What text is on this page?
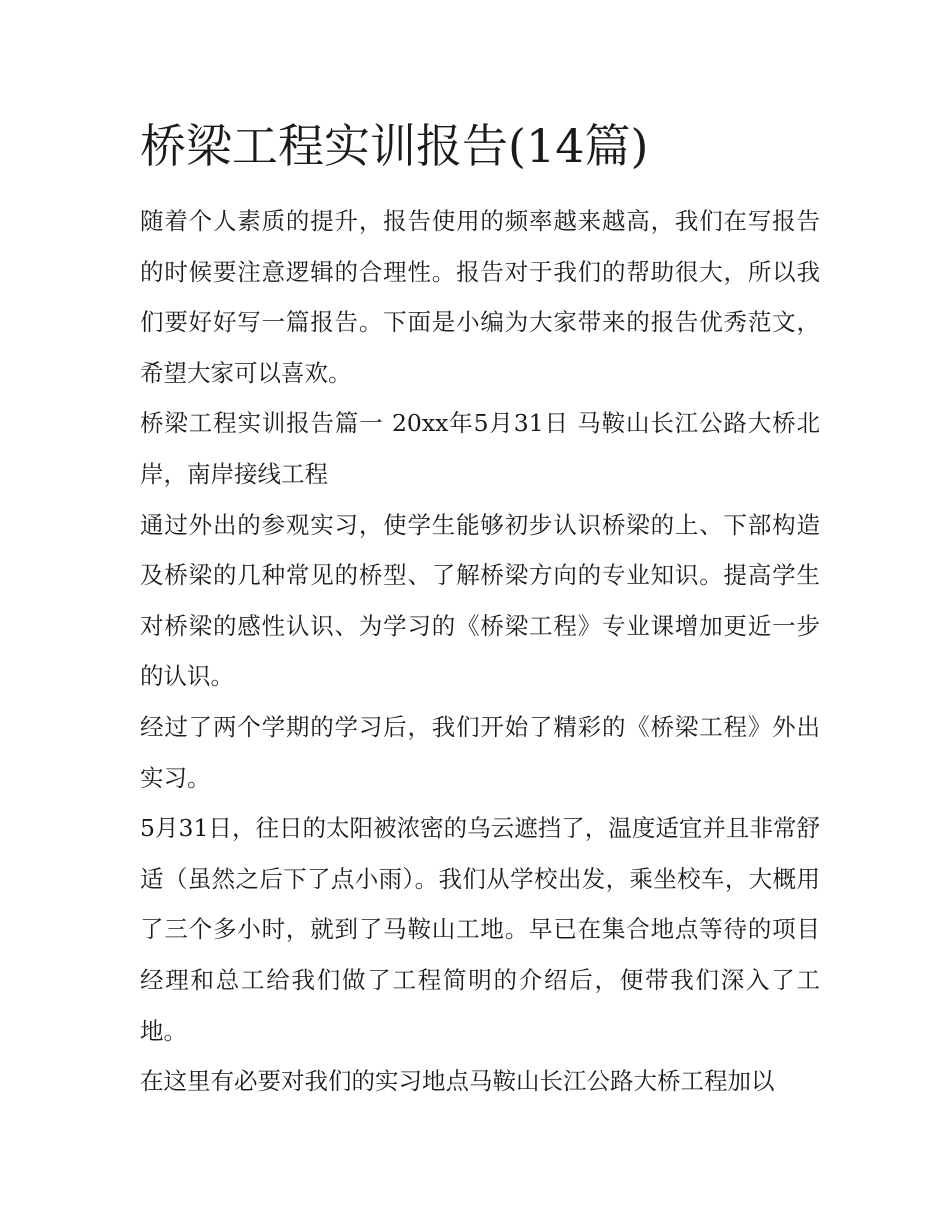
桥梁工程实训报告(14篇)

随着个人素质的提升，报告使用的频率越来越高，我们在写报告的时候要注意逻辑的合理性。报告对于我们的帮助很大，所以我们要好好写一篇报告。下面是小编为大家带来的报告优秀范文，希望大家可以喜欢。

桥梁工程实训报告篇一 20xx年5月31日 马鞍山长江公路大桥北岸，南岸接线工程

通过外出的参观实习，使学生能够初步认识桥梁的上、下部构造及桥梁的几种常见的桥型、了解桥梁方向的专业知识。提高学生对桥梁的感性认识、为学习的《桥梁工程》专业课增加更近一步的认识。

经过了两个学期的学习后，我们开始了精彩的《桥梁工程》外出实习。

5月31日，往日的太阳被浓密的乌云遮挡了，温度适宜并且非常舒适（虽然之后下了点小雨）。我们从学校出发，乘坐校车，大概用了三个多小时，就到了马鞍山工地。早已在集合地点等待的项目经理和总工给我们做了工程简明的介绍后，便带我们深入了工地。

在这里有必要对我们的实习地点马鞍山长江公路大桥工程加以
